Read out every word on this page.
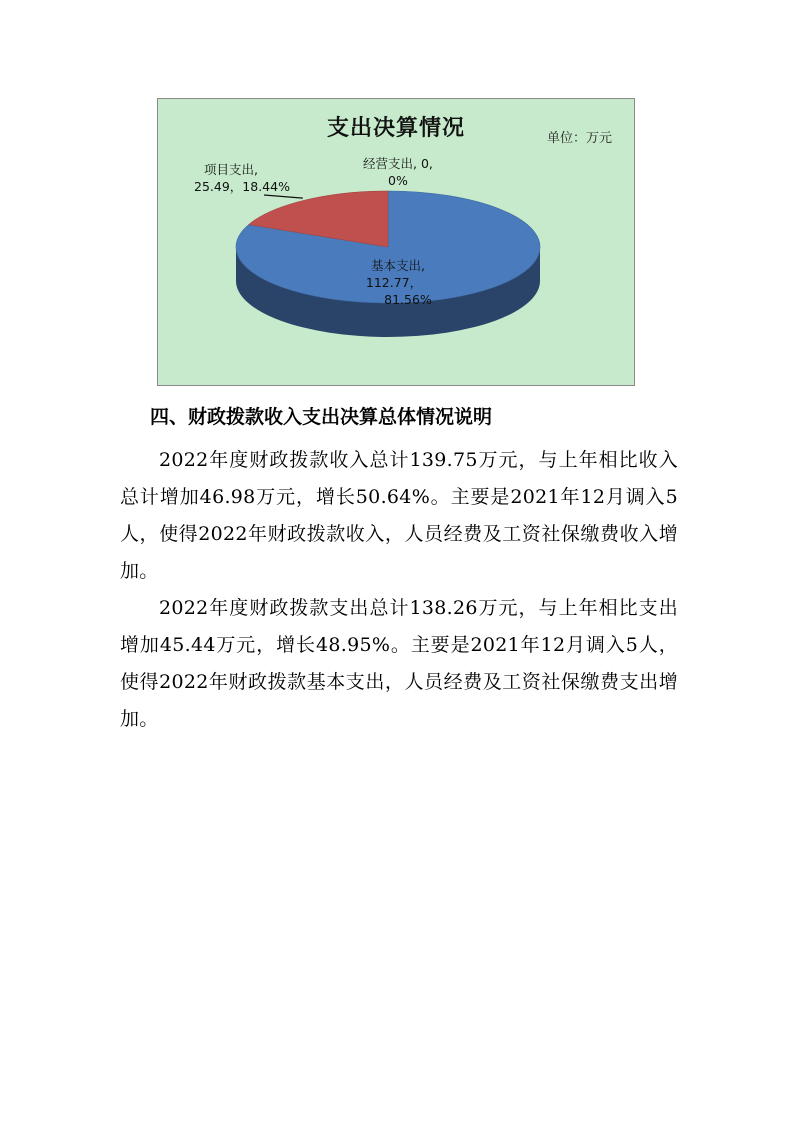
支出决算情况	单位：万元
项目支出,
25.49，18.44%
经营支出, 0,
0%
基本支出,
112.77，
81.56%
四、财政拨款收入支出决算总体情况说明

2022年度财政拨款收入总计139.75万元，与上年相比收入总计增加46.98万元，增长50.64%。主要是2021年12月调入5人，使得2022年财政拨款收入，人员经费及工资社保缴费收入增加。

2022年度财政拨款支出总计138.26万元，与上年相比支出增加45.44万元，增长48.95%。主要是2021年12月调入5人，使得2022年财政拨款基本支出，人员经费及工资社保缴费支出增加。
